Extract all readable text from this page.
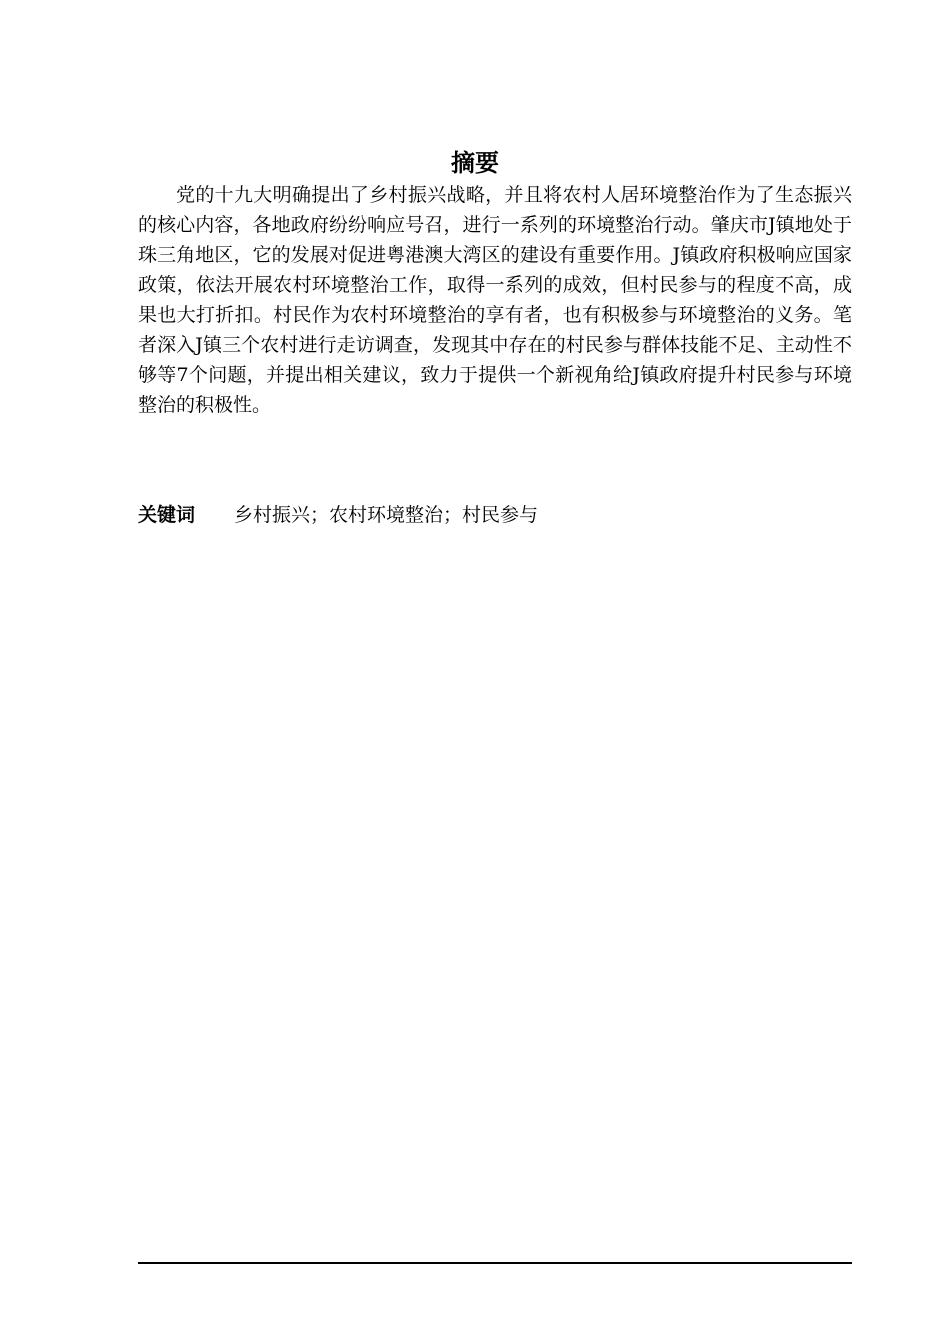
摘要

党的十九大明确提出了乡村振兴战略，并且将农村人居环境整治作为了生态振兴的核心内容，各地政府纷纷响应号召，进行一系列的环境整治行动。肇庆市J镇地处于珠三角地区，它的发展对促进粤港澳大湾区的建设有重要作用。J镇政府积极响应国家政策，依法开展农村环境整治工作，取得一系列的成效，但村民参与的程度不高，成果也大打折扣。村民作为农村环境整治的享有者，也有积极参与环境整治的义务。笔者深入J镇三个农村进行走访调查，发现其中存在的村民参与群体技能不足、主动性不够等7个问题，并提出相关建议，致力于提供一个新视角给J镇政府提升村民参与环境整治的积极性。

关键词 乡村振兴；农村环境整治；村民参与
